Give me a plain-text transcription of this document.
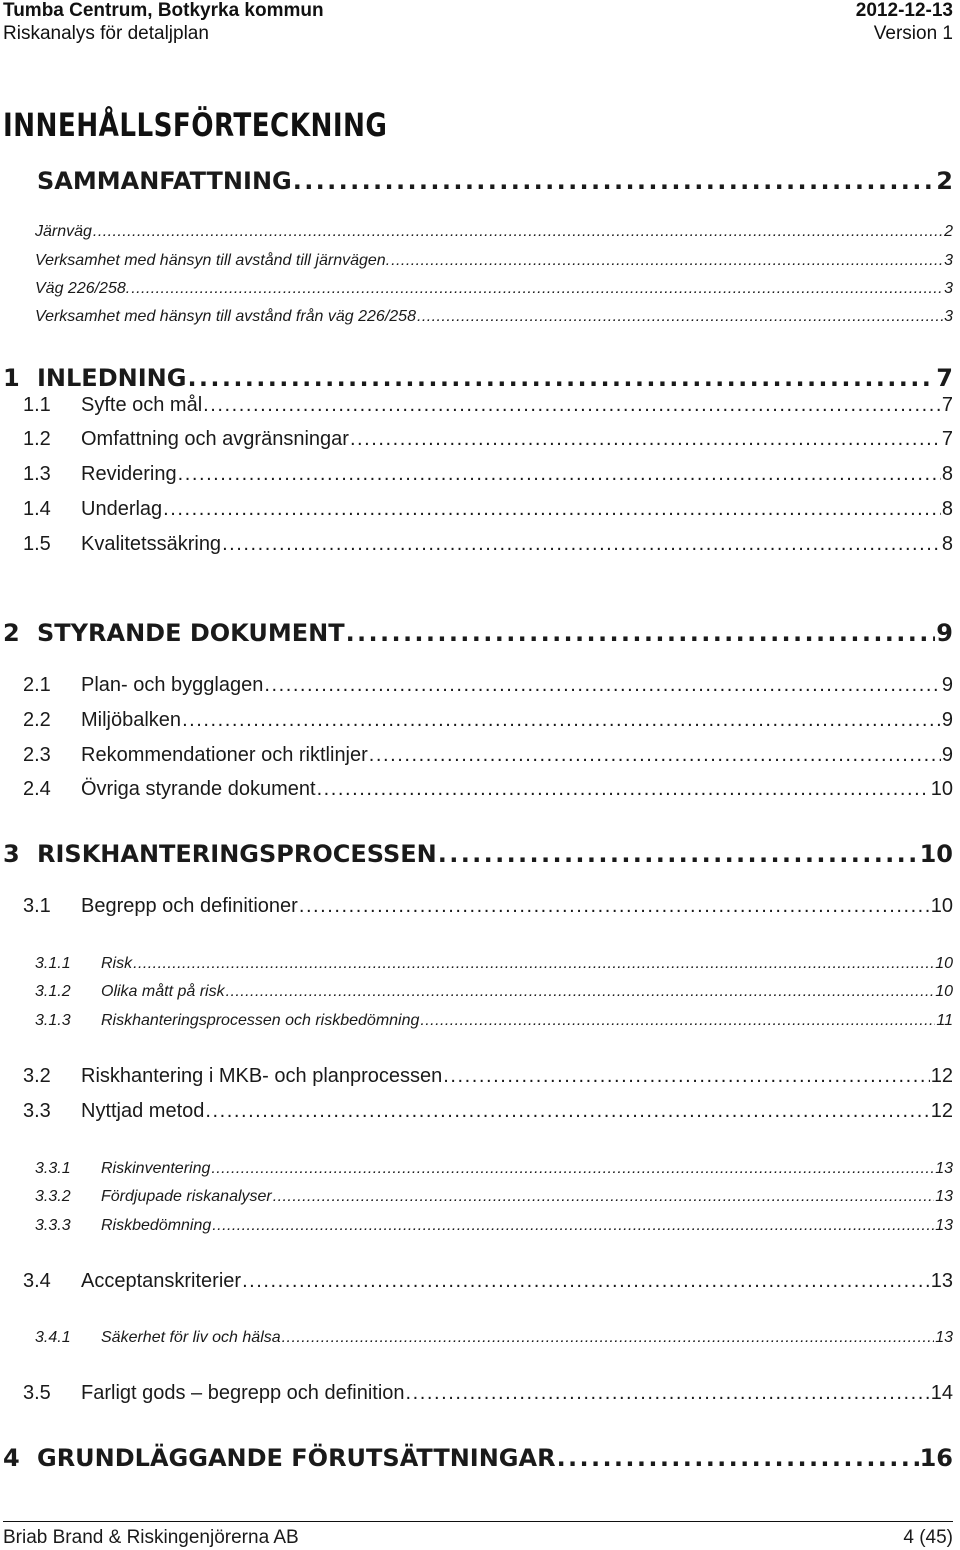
Tumba Centrum, Botkyrka kommun	2012-12-13
Riskanalys för detaljplan	Version 1
INNEHÅLLSFÖRTECKNING
SAMMANFATTNING . . .	2
Järnväg . . .	2
Verksamhet med hänsyn till avstånd till järnvägen. . . .	3
Väg 226/258. . . .	3
Verksamhet med hänsyn till avstånd från väg 226/258 . . .	3
1 INLEDNING . . .	7
1.1	Syfte och mål . . .	7
1.2	Omfattning och avgränsningar . . .	7
1.3	Revidering . . .	8
1.4	Underlag . . .	8
1.5	Kvalitetssäkring . . .	8
2 STYRANDE DOKUMENT . . .	9
2.1	Plan- och bygglagen . . .	9
2.2	Miljöbalken . . .	9
2.3	Rekommendationer och riktlinjer . . .	9
2.4	Övriga styrande dokument . . .	10
3 RISKHANTERINGSPROCESSEN . . .	10
3.1	Begrepp och definitioner . . .	10
3.1.1	Risk . . .	10
3.1.2	Olika mått på risk . . .	10
3.1.3	Riskhanteringsprocessen och riskbedömning . . .	11
3.2	Riskhantering i MKB- och planprocessen . . .	12
3.3	Nyttjad metod . . .	12
3.3.1	Riskinventering . . .	13
3.3.2	Fördjupade riskanalyser . . .	13
3.3.3	Riskbedömning . . .	13
3.4	Acceptanskriterier . . .	13
3.4.1	Säkerhet för liv och hälsa . . .	13
3.5	Farligt gods – begrepp och definition . . .	14
4 GRUNDLÄGGANDE FÖRUTSÄTTNINGAR . . .	16
Briab Brand & Riskingenjörerna AB	4 (45)
